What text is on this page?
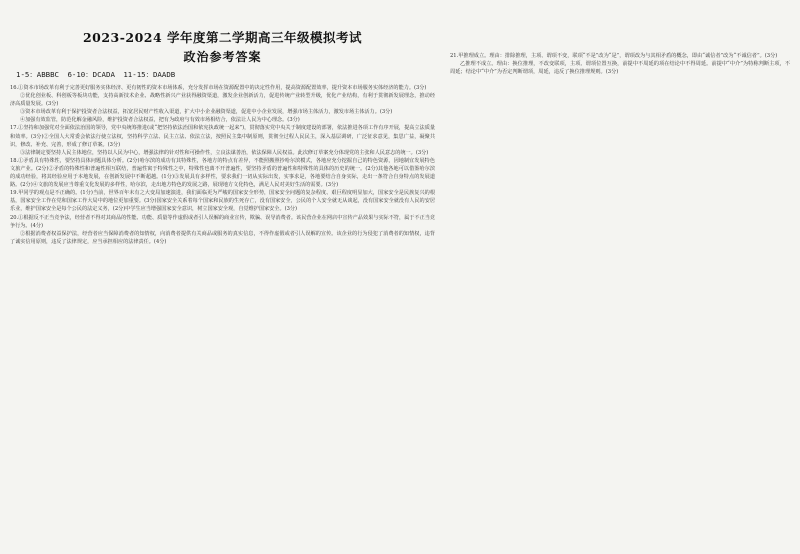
2023-2024 学年度第二学期高三年级模拟考试
政治参考答案
1-5：ABBBC 6-10：DCADA 11-15：DAADB

16.①资本市场改革有利于完善更好服务实体经济、更有韧性的资本市场体系，充分发挥市场在资源配置中的决定性作用，提高资源配置效率，提升资本市场服务实体经济的能力。(3分)

②优化创业板、科创板等板块功能，支持高新技术企业、战略性新兴产业获得融资渠道，激发企业创新活力，促进传统产业转型升级，优化产业结构，有利于贯彻新发展理念，推动经济高质量发展。(3分)

③资本市场改革有利于保护投资者合法权益，拓宽居民财产性收入渠道，扩大中小企业融资渠道，促进中小企业发展，增强市场主体活力，激发市场主体活力。(3分)

④加强有效监管，防范化解金融风险，维护投资者合法权益，把有为政府与有效市场相结合，依法让人民为中心理念。(3分)

17.①坚持和加强党对全面依法治国的领导，党中央统筹推进(或“把坚持依法治国和依宪执政统一起来”)，贯彻落实党中央关于制度建设的部署，依法推进各项工作有序开展，提高立法质量和效率。(3分)②全国人大常委会依法行使立法权，坚持科学立法、民主立法、依法立法，按照民主集中制原则，贯彻全过程人民民主，深入基层调研，广泛征求意见，集思广益，凝聚共识，修改、补充、完善，形成了修订草案。(3分)

③法律制定要坚持人民主体地位，坚持以人民为中心，增强法律的针对性和可操作性，立良法谋善治，依法保障人民权益。此次修订草案充分体现党的主张和人民意志的统一。(3分)

18.①矛盾具有特殊性，要坚持具体问题具体分析。(2分)哈尔滨的成功有其特殊性，各地方的特点有差异，不能照搬照抄哈尔滨模式，各地应充分挖掘自己的特色资源，因地制宜发展特色文旅产业。(2分)②矛盾的特殊性和普遍性相互联结，普遍性寓于特殊性之中，特殊性也离不开普遍性，要坚持矛盾的普遍性和特殊性的具体的历史的统一。(2分)其他各地可以借鉴哈尔滨的成功经验，将其经验应用于本地发展，在创新发展中不断超越。(1分)③发展具有多样性，要求我们一切从实际出发，实事求是，各地要结合自身实际，走出一条符合自身特点的发展道路。(2分)④文旅的发展应当尊重文化发展的多样性，哈尔滨，走出地方特色的发展之路，展现地方文化特色，满足人民对美好生活的需要。(3分)

19.甲同学的观点是不正确的。(1分)当前，世界百年未有之大变局加速演进，我们面临更为严峻的国家安全形势，国家安全问题的复杂程度、艰巨程度明显加大，国家安全是民族复兴的根基，国家安全工作在党和国家工作大局中的地位更加重要。(3分)国家安全关系着每个国家和民族的生死存亡，没有国家安全，公民的个人安全就无从谈起，没有国家安全就没有人民的安居乐业，维护国家安全是每个公民的法定义务，(2分)中学生应当增强国家安全意识，树立国家安全观，自觉维护国家安全。(3分)

20.①根据反不正当竞争法，经营者不得对其商品的性能、功能、质量等作虚假或者引人误解的商业宣传，欺骗、误导消费者。该民营企业在网店中宣传产品效果与实际不符，属于不正当竞争行为。(4分)

②根据消费者权益保护法，经营者应当保障消费者的知情权，向消费者提供有关商品或服务的真实信息，不得作虚假或者引人误解的宣传。该企业的行为侵犯了消费者的知情权，违背了诚实信用原则，违反了法律规定，应当承担相应的法律责任。(4分)

21.甲推理成立。理由：排除推理，主项、谓项不变，联项“不是”改为“是”，谓项改为与其相矛盾的概念，即由“诚信者”改为“不诚信者”。(3分)

乙推理不成立。理由：换位推理，不改变联项，主项、谓项位置互换，前提中不周延的项在结论中不得周延。前提中“中介”为特称判断主项，不周延；结论中“中介”为否定判断谓项，周延，违反了换位推理规则。(3分)
